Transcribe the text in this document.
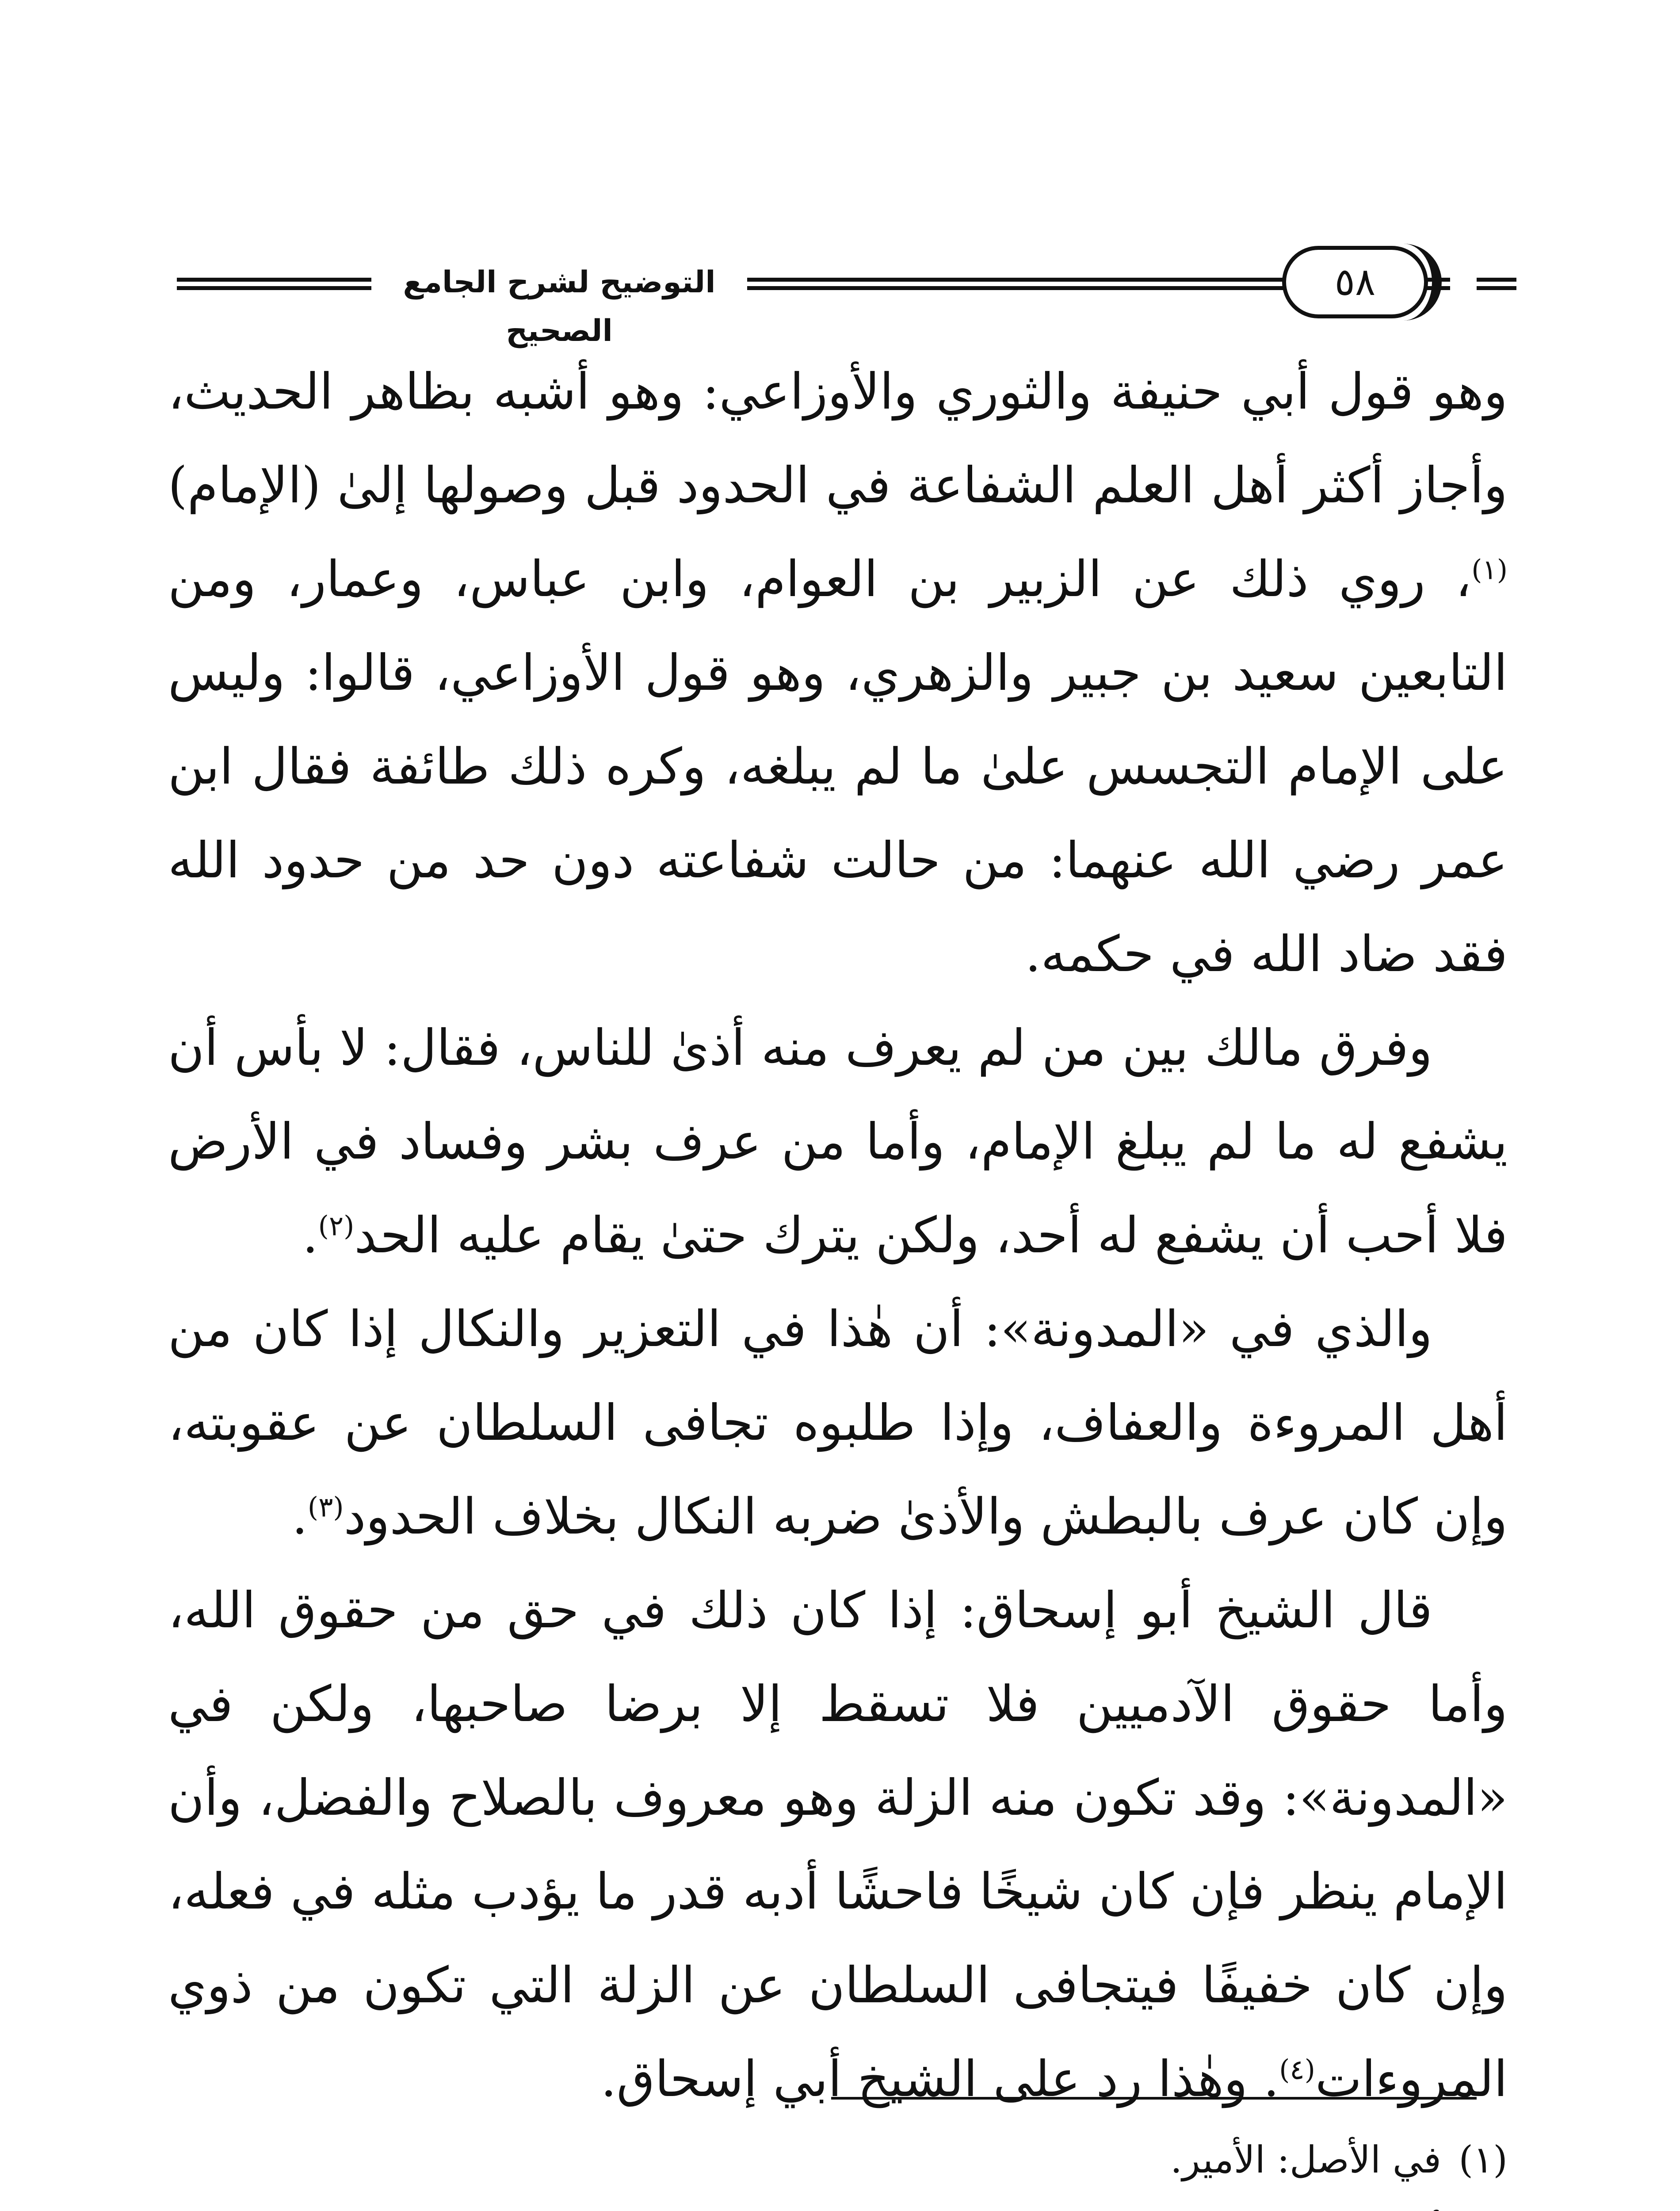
التوضيح لشرح الجامع الصحيح
٥٨

وهو قول أبي حنيفة والثوري والأوزاعي: وهو أشبه بظاهر الحديث، وأجاز أكثر أهل العلم الشفاعة في الحدود قبل وصولها إلىٰ (الإمام)$^{(١)}$، روي ذلك عن الزبير بن العوام، وابن عباس، وعمار، ومن التابعين سعيد بن جبير والزهري، وهو قول الأوزاعي، قالوا: وليس على الإمام التجسس علىٰ ما لم يبلغه، وكره ذلك طائفة فقال ابن عمر رضي الله عنهما: من حالت شفاعته دون حد من حدود الله فقد ضاد الله في حكمه.

وفرق مالك بين من لم يعرف منه أذىٰ للناس، فقال: لا بأس أن يشفع له ما لم يبلغ الإمام، وأما من عرف بشر وفساد في الأرض فلا أحب أن يشفع له أحد، ولكن يترك حتىٰ يقام عليه الحد$^{(٢)}$.

والذي في «المدونة»: أن هٰذا في التعزير والنكال إذا كان من أهل المروءة والعفاف، وإذا طلبوه تجافى السلطان عن عقوبته، وإن كان عرف بالبطش والأذىٰ ضربه النكال بخلاف الحدود$^{(٣)}$.

قال الشيخ أبو إسحاق: إذا كان ذلك في حق من حقوق الله، وأما حقوق الآدميين فلا تسقط إلا برضا صاحبها، ولكن في «المدونة»: وقد تكون منه الزلة وهو معروف بالصلاح والفضل، وأن الإمام ينظر فإن كان شيخًا فاحشًا أدبه قدر ما يؤدب مثله في فعله، وإن كان خفيفًا فيتجافى السلطان عن الزلة التي تكون من ذوي المروءات$^{(٤)}$. وهٰذا رد على الشيخ أبي إسحاق.

(١)في الأصل: الأمير.
